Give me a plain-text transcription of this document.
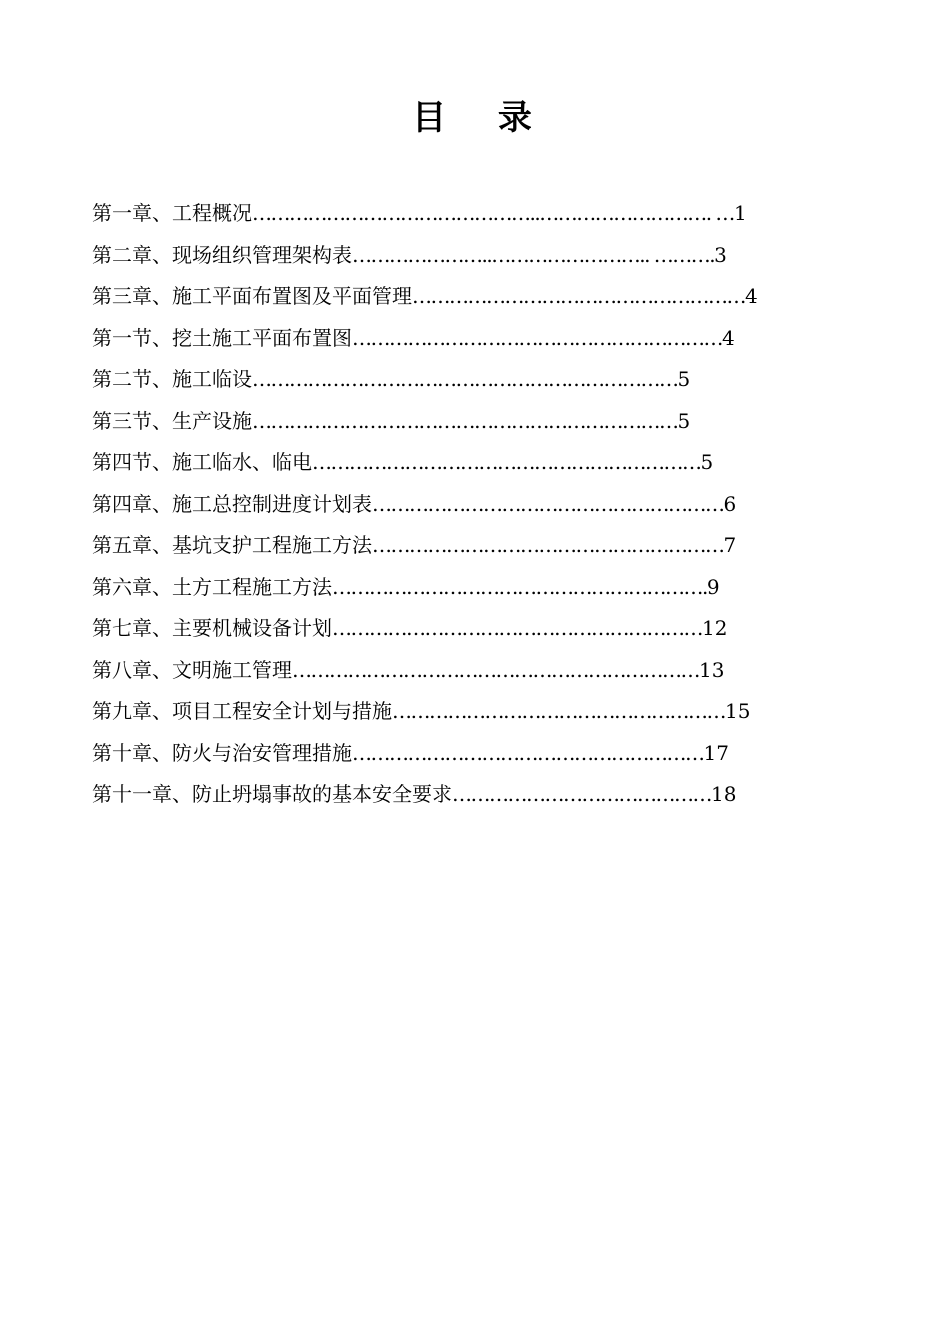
目 录
第一章、工程概况………………………………………..………………………. …1
第二章、现场组织管理架构表…………………..…………………….. ……….3
第三章、施工平面布置图及平面管理………………………………………………4
第一节、挖土施工平面布置图……………………………………………………4
第二节、施工临设……………………………………………………………5
第三节、生产设施……………………………………………………………5
第四节、施工临水、临电………………………………………………………5
第四章、施工总控制进度计划表…………………………………………………6
第五章、基坑支护工程施工方法…………………………………………………7
第六章、土方工程施工方法…………………………………………………….9
第七章、主要机械设备计划……………………………………………………12
第八章、文明施工管理…………………………………………………………13
第九章、项目工程安全计划与措施………………………………………………15
第十章、防火与治安管理措施…………………………………………………17
第十一章、防止坍塌事故的基本安全要求……………………………………18
